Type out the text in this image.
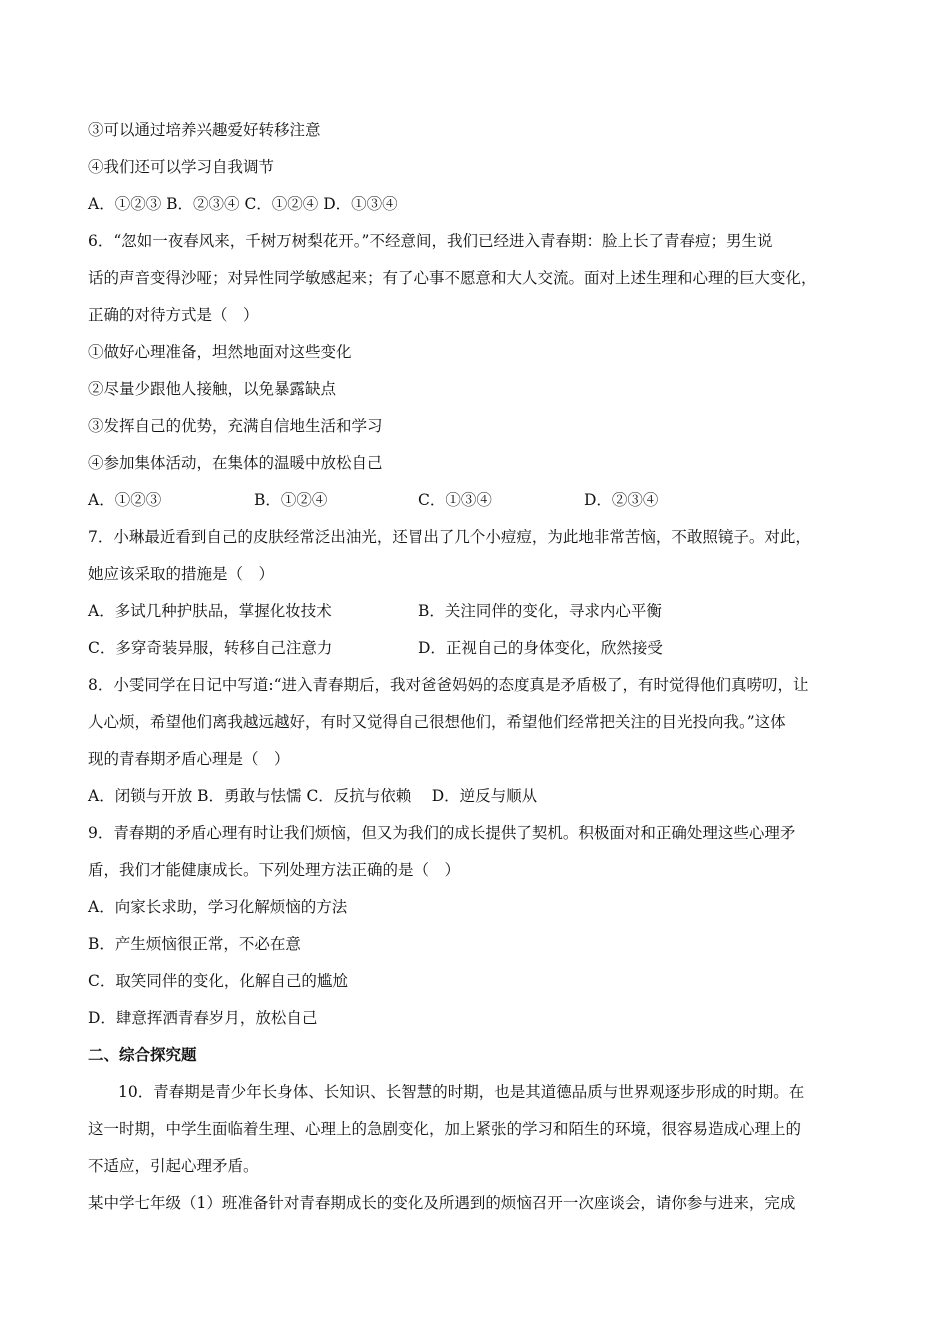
③可以通过培养兴趣爱好转移注意
④我们还可以学习自我调节
A．①②③ B．②③④ C．①②④ D．①③④
6．“忽如一夜春风来，千树万树梨花开。”不经意间，我们已经进入青春期：脸上长了青春痘；男生说
话的声音变得沙哑；对异性同学敏感起来；有了心事不愿意和大人交流。面对上述生理和心理的巨大变化，
正确的对待方式是（　）
①做好心理准备，坦然地面对这些变化
②尽量少跟他人接触，以免暴露缺点
③发挥自己的优势，充满自信地生活和学习
④参加集体活动，在集体的温暖中放松自己

A．①②③

	B．①②④

	C．①③④

	D．②③④

7．小琳最近看到自己的皮肤经常泛出油光，还冒出了几个小痘痘，为此地非常苦恼，不敢照镜子。对此，
她应该采取的措施是（　）

A．多试几种护肤品，掌握化妆技术

	B．关注同伴的变化，寻求内心平衡

C．多穿奇装异服，转移自己注意力

	D．正视自己的身体变化，欣然接受

8．小雯同学在日记中写道:“进入青春期后，我对爸爸妈妈的态度真是矛盾极了，有时觉得他们真唠叨，让
人心烦，希望他们离我越远越好，有时又觉得自己很想他们，希望他们经常把关注的目光投向我。”这体
现的青春期矛盾心理是（　）
A．闭锁与开放 B．勇敢与怯懦 C．反抗与依赖　 D．逆反与顺从
9．青春期的矛盾心理有时让我们烦恼，但又为我们的成长提供了契机。积极面对和正确处理这些心理矛
盾，我们才能健康成长。下列处理方法正确的是（　）
A．向家长求助，学习化解烦恼的方法
B．产生烦恼很正常，不必在意
C．取笑同伴的变化，化解自己的尴尬
D．肆意挥洒青春岁月，放松自己
二、综合探究题
10．青春期是青少年长身体、长知识、长智慧的时期，也是其道德品质与世界观逐步形成的时期。在
这一时期，中学生面临着生理、心理上的急剧变化，加上紧张的学习和陌生的环境，很容易造成心理上的
不适应，引起心理矛盾。
某中学七年级（1）班准备针对青春期成长的变化及所遇到的烦恼召开一次座谈会，请你参与进来，完成
